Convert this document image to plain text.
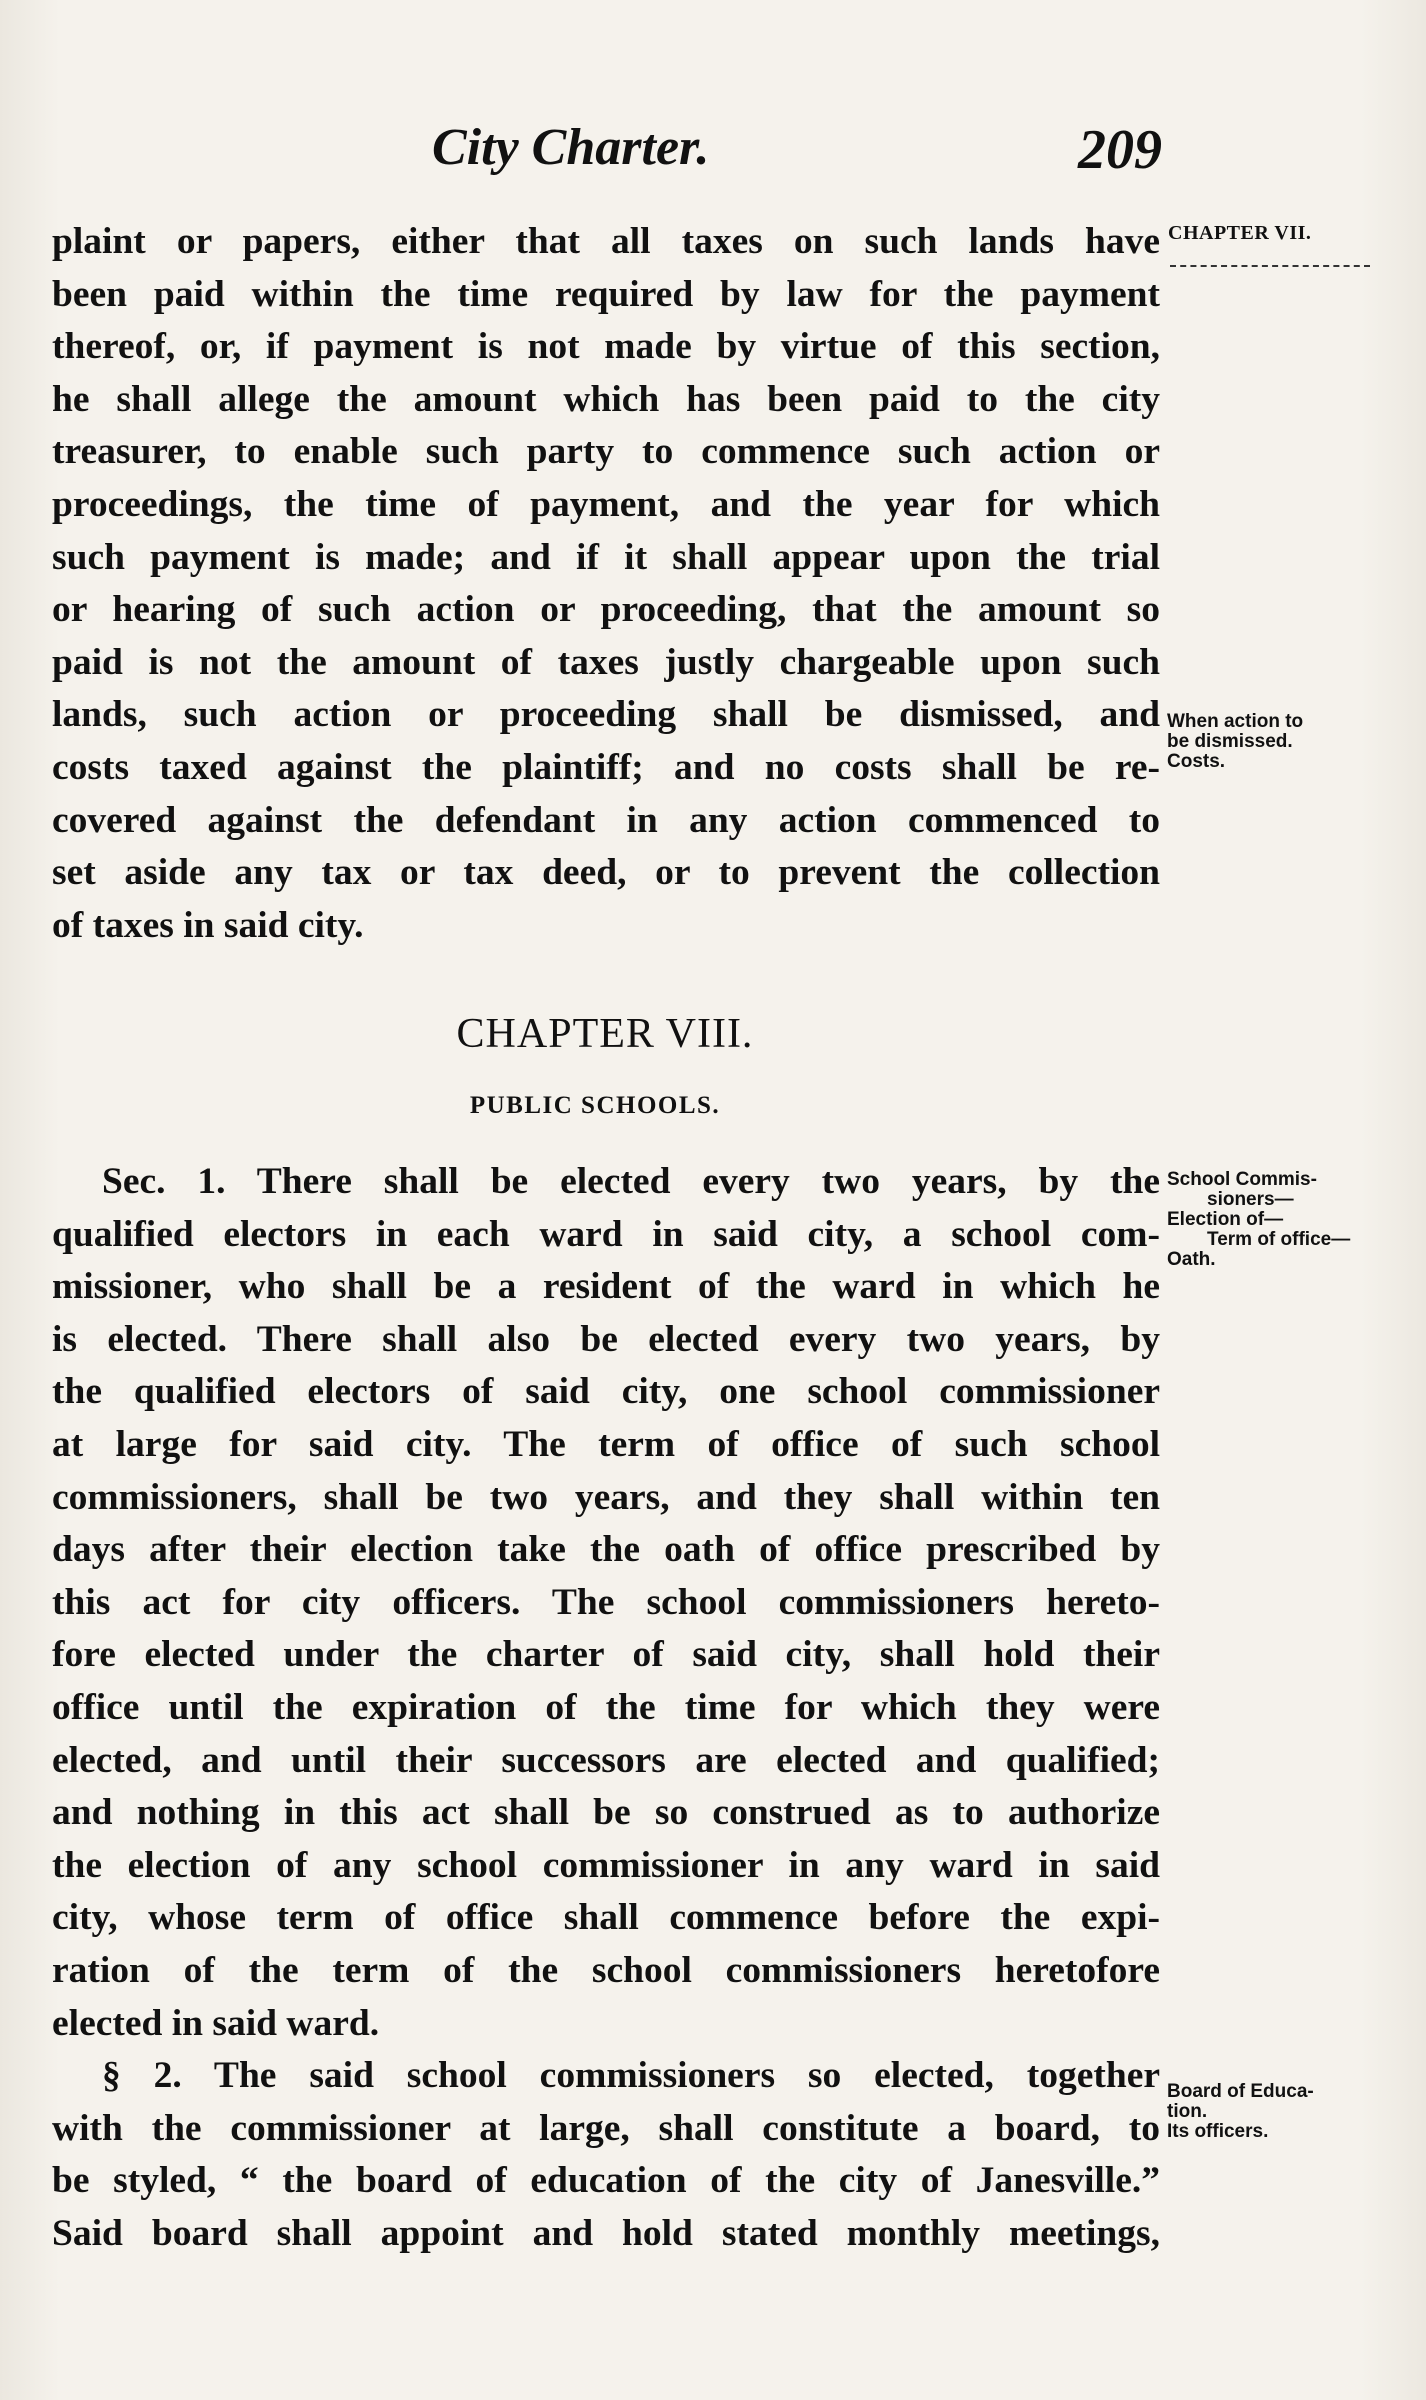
City Charter.	209
CHAPTER VII.
plaint or papers, either that all taxes on such lands have
been paid within the time required by law for the payment
thereof, or, if payment is not made by virtue of this section,
he shall allege the amount which has been paid to the city
treasurer, to enable such party to commence such action or
proceedings, the time of payment, and the year for which
such payment is made; and if it shall appear upon the trial
or hearing of such action or proceeding, that the amount so
paid is not the amount of taxes justly chargeable upon such
lands, such action or proceeding shall be dismissed, and
costs taxed against the plaintiff; and no costs shall be re-
covered against the defendant in any action commenced to
set aside any tax or tax deed, or to prevent the collection
of taxes in said city.
When action to
be dismissed.
Costs.
CHAPTER VIII.
PUBLIC SCHOOLS.
Sec. 1. There shall be elected every two years, by the
qualified electors in each ward in said city, a school com-
missioner, who shall be a resident of the ward in which he
is elected. There shall also be elected every two years, by
the qualified electors of said city, one school commissioner
at large for said city. The term of office of such school
commissioners, shall be two years, and they shall within ten
days after their election take the oath of office prescribed by
this act for city officers. The school commissioners hereto-
fore elected under the charter of said city, shall hold their
office until the expiration of the time for which they were
elected, and until their successors are elected and qualified;
and nothing in this act shall be so construed as to authorize
the election of any school commissioner in any ward in said
city, whose term of office shall commence before the expi-
ration of the term of the school commissioners heretofore
elected in said ward.
School Commis-
sioners—
Election of—
Term of office—
Oath.
§ 2. The said school commissioners so elected, together
with the commissioner at large, shall constitute a board, to
be styled, “ the board of education of the city of Janesville.”
Said board shall appoint and hold stated monthly meetings,
Board of Educa-
tion.
Its officers.
